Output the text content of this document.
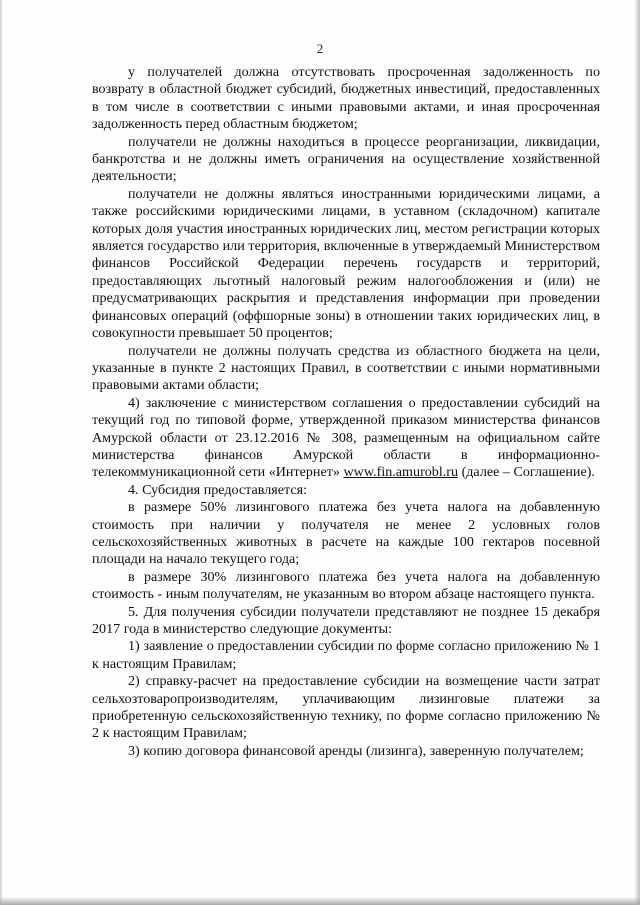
2

у получателей должна отсутствовать просроченная задолженность по возврату в областной бюджет субсидий, бюджетных инвестиций, предоставленных в том числе в соответствии с иными правовыми актами, и иная просроченная задолженность перед областным бюджетом;

получатели не должны находиться в процессе реорганизации, ликвидации, банкротства и не должны иметь ограничения на осуществление хозяйственной деятельности;

получатели не должны являться иностранными юридическими лицами, а также российскими юридическими лицами, в уставном (складочном) капитале которых доля участия иностранных юридических лиц, местом регистрации которых является государство или территория, включенные в утверждаемый Министерством финансов Российской Федерации перечень государств и территорий, предоставляющих льготный налоговый режим налогообложения и (или) не предусматривающих раскрытия и представления информации при проведении финансовых операций (оффшорные зоны) в отношении таких юридических лиц, в совокупности превышает 50 процентов;

получатели не должны получать средства из областного бюджета на цели, указанные в пункте 2 настоящих Правил, в соответствии с иными нормативными правовыми актами области;

4) заключение с министерством соглашения о предоставлении субсидий на текущий год по типовой форме, утвержденной приказом министерства финансов Амурской области от 23.12.2016 № 308, размещенным на официальном сайте министерства финансов Амурской области в информационно-телекоммуникационной сети «Интернет» www.fin.amurobl.ru (далее – Соглашение).

4. Субсидия предоставляется:

в размере 50% лизингового платежа без учета налога на добавленную стоимость при наличии у получателя не менее 2 условных голов сельскохозяйственных животных в расчете на каждые 100 гектаров посевной площади на начало текущего года;

в размере 30% лизингового платежа без учета налога на добавленную стоимость - иным получателям, не указанным во втором абзаце настоящего пункта.

5. Для получения субсидии получатели представляют не позднее 15 декабря 2017 года в министерство следующие документы:

1) заявление о предоставлении субсидии по форме согласно приложению № 1 к настоящим Правилам;

2) справку-расчет на предоставление субсидии на возмещение части затрат сельхозтоваропроизводителям, уплачивающим лизинговые платежи за приобретенную сельскохозяйственную технику, по форме согласно приложению № 2 к настоящим Правилам;

3) копию договора финансовой аренды (лизинга), заверенную получателем;
